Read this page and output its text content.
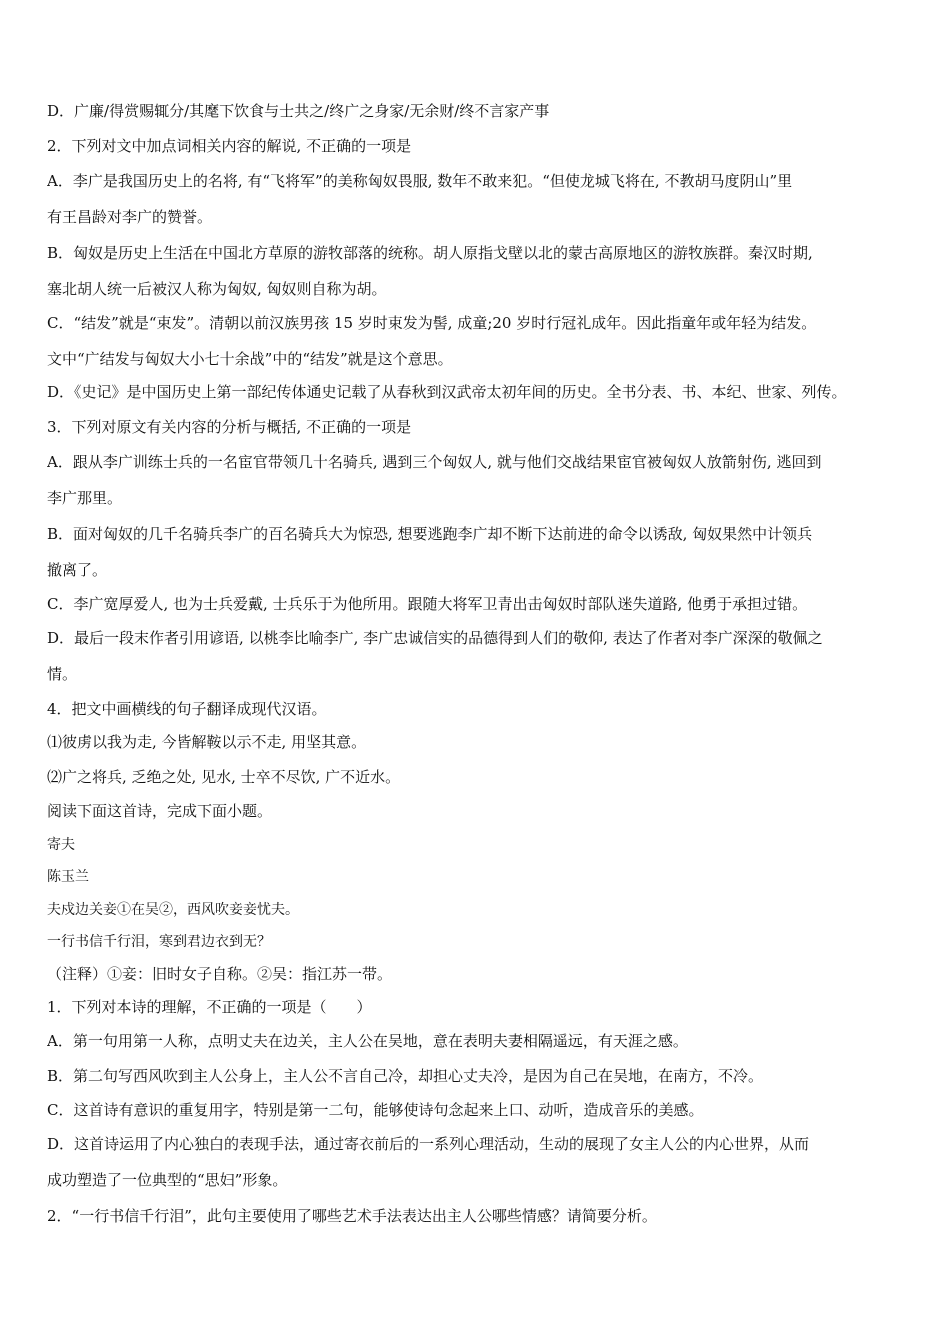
D．广廉/得赏赐辄分/其麾下饮食与士共之/终广之身家/无余财/终不言家产事
2．下列对文中加点词相关内容的解说, 不正确的一项是
A．李广是我国历史上的名将, 有“飞将军”的美称匈奴畏服, 数年不敢来犯。“但使龙城飞将在, 不教胡马度阴山”里
有王昌龄对李广的赞誉。
B．匈奴是历史上生活在中国北方草原的游牧部落的统称。胡人原指戈壁以北的蒙古高原地区的游牧族群。秦汉时期,
塞北胡人统一后被汉人称为匈奴, 匈奴则自称为胡。
C．“结发”就是“束发”。清朝以前汉族男孩 15 岁时束发为髻, 成童;20 岁时行冠礼成年。因此指童年或年轻为结发。
文中“广结发与匈奴大小七十余战”中的“结发”就是这个意思。
D．《史记》是中国历史上第一部纪传体通史记载了从春秋到汉武帝太初年间的历史。全书分表、书、本纪、世家、列传。
3．下列对原文有关内容的分析与概括, 不正确的一项是
A．跟从李广训练士兵的一名宦官带领几十名骑兵, 遇到三个匈奴人, 就与他们交战结果宦官被匈奴人放箭射伤, 逃回到
李广那里。
B．面对匈奴的几千名骑兵李广的百名骑兵大为惊恐, 想要逃跑李广却不断下达前进的命令以诱敌, 匈奴果然中计领兵
撤离了。
C．李广宽厚爱人, 也为士兵爱戴, 士兵乐于为他所用。跟随大将军卫青出击匈奴时部队迷失道路, 他勇于承担过错。
D．最后一段末作者引用谚语, 以桃李比喻李广, 李广忠诚信实的品德得到人们的敬仰, 表达了作者对李广深深的敬佩之
情。
4．把文中画横线的句子翻译成现代汉语。
⑴彼虏以我为走, 今皆解鞍以示不走, 用坚其意。
⑵广之将兵, 乏绝之处, 见水, 士卒不尽饮, 广不近水。
阅读下面这首诗，完成下面小题。
寄夫
陈玉兰
夫戍边关妾①在吴②，西风吹妾妾忧夫。
一行书信千行泪，寒到君边衣到无？
（注释）①妾：旧时女子自称。②吴：指江苏一带。
1．下列对本诗的理解，不正确的一项是（　　）
A．第一句用第一人称，点明丈夫在边关，主人公在吴地，意在表明夫妻相隔遥远，有天涯之感。
B．第二句写西风吹到主人公身上，主人公不言自己冷，却担心丈夫冷，是因为自己在吴地，在南方，不冷。
C．这首诗有意识的重复用字，特别是第一二句，能够使诗句念起来上口、动听，造成音乐的美感。
D．这首诗运用了内心独白的表现手法，通过寄衣前后的一系列心理活动，生动的展现了女主人公的内心世界，从而
成功塑造了一位典型的“思妇”形象。
2．“一行书信千行泪”，此句主要使用了哪些艺术手法表达出主人公哪些情感？请简要分析。
